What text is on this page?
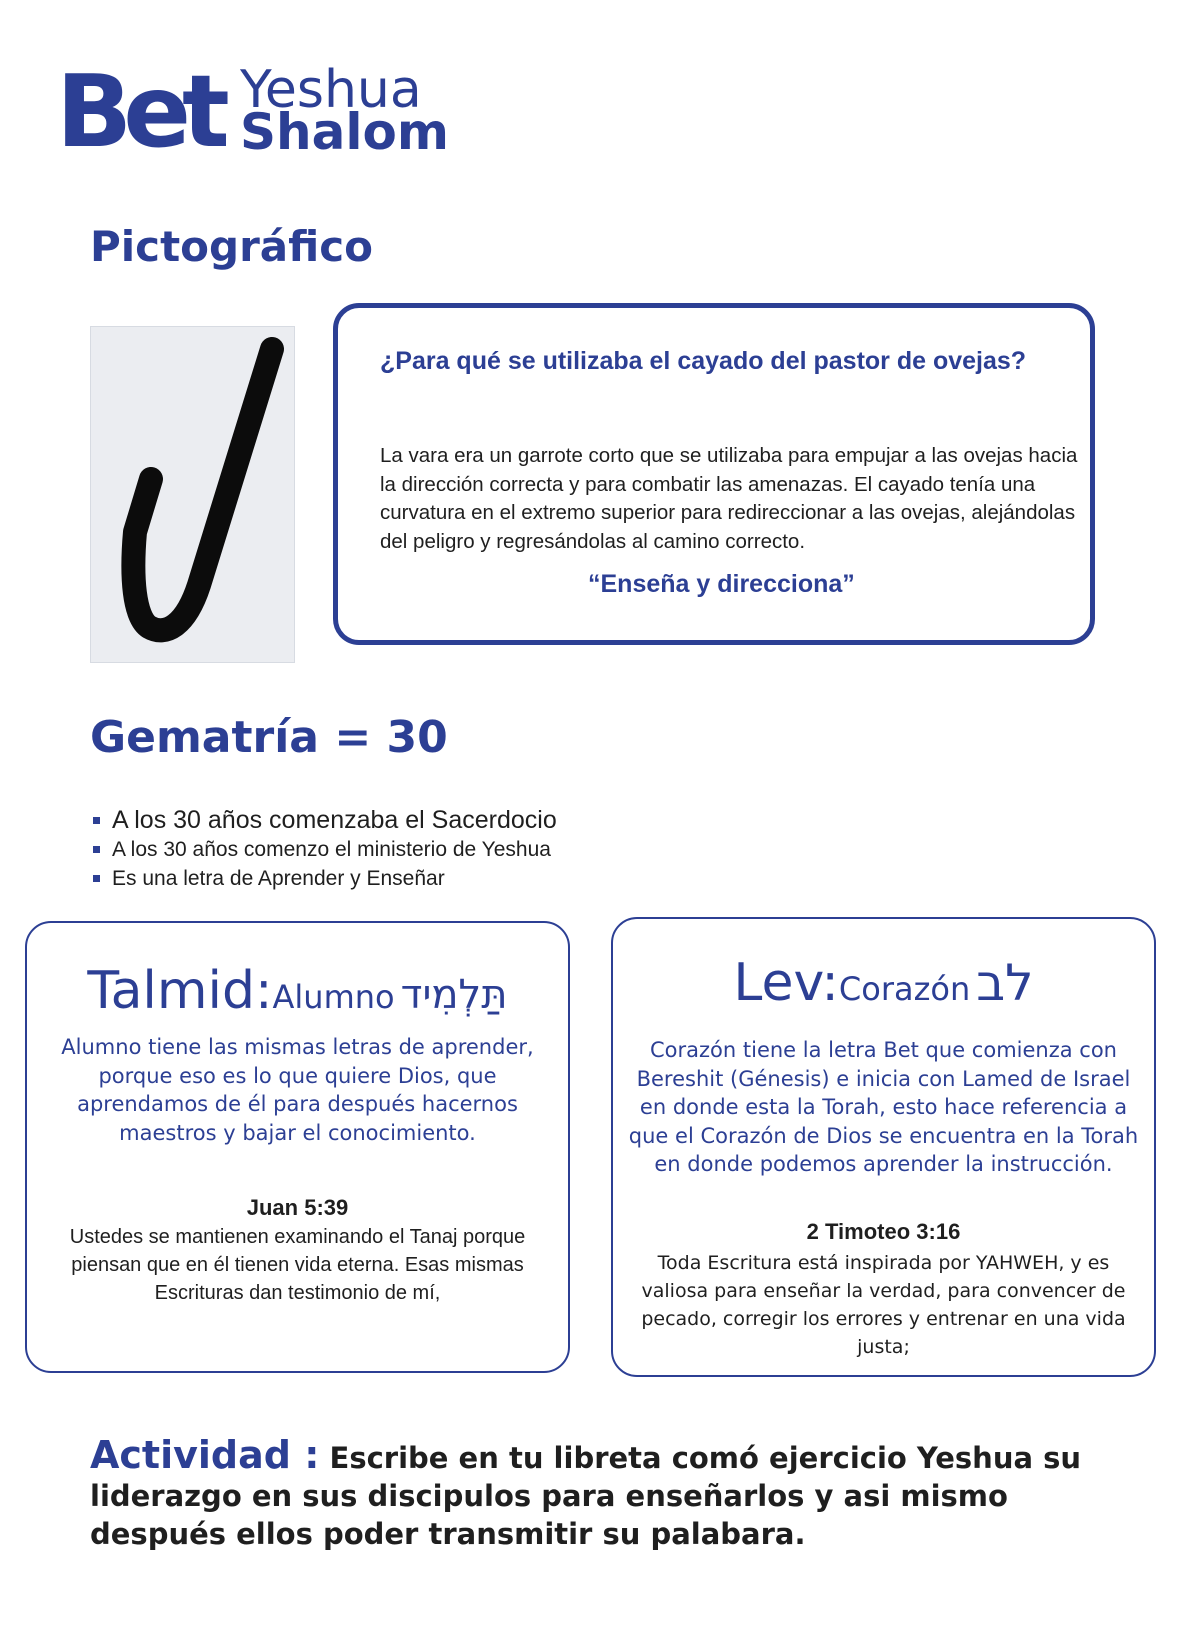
Bet Yeshua
Shalom
Pictográfico
¿Para qué se utilizaba el cayado del pastor de ovejas?

La vara era un garrote corto que se utilizaba para empujar a las ovejas hacia la dirección correcta y para combatir las amenazas. El cayado tenía una curvatura en el extremo superior para redireccionar a las ovejas, alejándolas del peligro y regresándolas al camino correcto.

“Enseña y direcciona”
Gematría = 30
A los 30 años comenzaba el Sacerdocio
A los 30 años comenzo el ministerio de Yeshua
Es una letra de Aprender y Enseñar
Talmid:Alumno תַּלְמִיד
Alumno tiene las mismas letras de aprender, porque eso es lo que quiere Dios, que aprendamos de él para después hacernos maestros y bajar el conocimiento.
Juan 5:39
Ustedes se mantienen examinando el Tanaj porque piensan que en él tienen vida eterna. Esas mismas Escrituras dan testimonio de mí,
Lev:Corazón לב
Corazón tiene la letra Bet que comienza con Bereshit (Génesis) e inicia con Lamed de Israel en donde esta la Torah, esto hace referencia a que el Corazón de Dios se encuentra en la Torah en donde podemos aprender la instrucción.
2 Timoteo 3:16
Toda Escritura está inspirada por YAHWEH, y es valiosa para enseñar la verdad, para convencer de pecado, corregir los errores y entrenar en una vida justa;

Actividad : Escribe en tu libreta comó ejercicio Yeshua su liderazgo en sus discipulos para enseñarlos y asi mismo después ellos poder transmitir su palabara.
